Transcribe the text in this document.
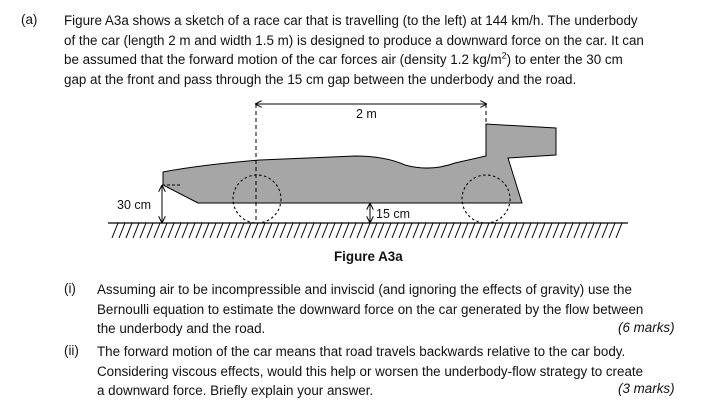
(a) Figure A3a shows a sketch of a race car that is travelling (to the left) at 144 km/h. The underbody
of the car (length 2 m and width 1.5 m) is designed to produce a downward force on the car. It can
be assumed that the forward motion of the car forces air (density 1.2 $kg/m^2$) to enter the 30 cm
gap at the front and pass through the 15 cm gap between the underbody and the road.
2 m
30 cm
15 cm
Figure A3a
(i) Assuming air to be incompressible and inviscid (and ignoring the effects of gravity) use the
Bernoulli equation to estimate the downward force on the car generated by the flow between
the underbody and the road.	(6 marks)
(ii) The forward motion of the car means that road travels backwards relative to the car body.
Considering viscous effects, would this help or worsen the underbody-flow strategy to create
a downward force. Briefly explain your answer.	(3 marks)
